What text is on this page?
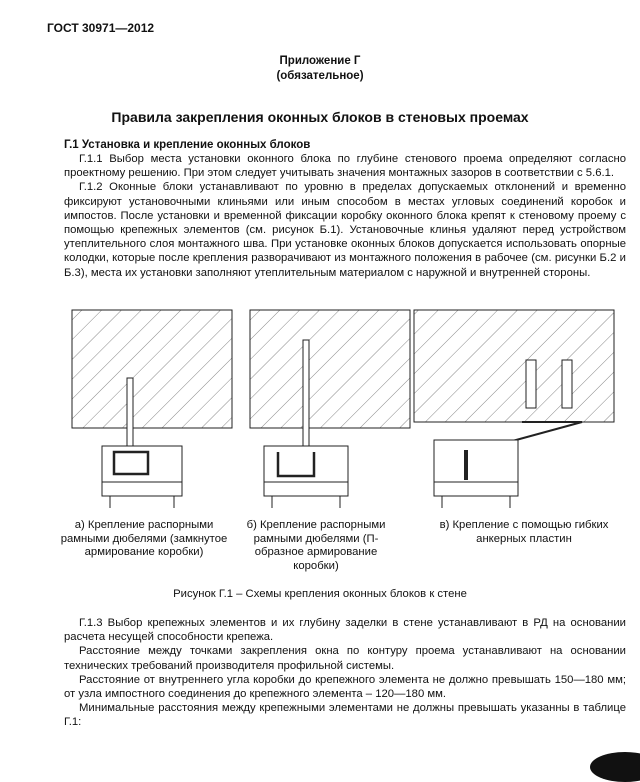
ГОСТ 30971—2012
Приложение Г
(обязательное)
Правила закрепления оконных блоков в стеновых проемах
Г.1 Установка и крепление оконных блоков

Г.1.1 Выбор места установки оконного блока по глубине стенового проема определяют согласно проектному решению. При этом следует учитывать значения монтажных зазоров в соответствии с 5.6.1.

Г.1.2 Оконные блоки устанавливают по уровню в пределах допускаемых отклонений и временно фиксируют установочными клиньями или иным способом в местах угловых соединений коробок и импостов. После установки и временной фиксации коробку оконного блока крепят к стеновому проему с помощью крепежных элементов (см. рисунок Б.1). Установочные клинья удаляют перед устройством утеплительного слоя монтажного шва. При установке оконных блоков допускается использовать опорные колодки, которые после крепления разворачивают из монтажного положения в рабочее (см. рисунки Б.2 и Б.3), места их установки заполняют утеплительным материалом с наружной и внутренней стороны.

а) Крепление распорными рамными дюбелями (замкнутое армирование коробки)
б) Крепление распорными рамными дюбелями (П-образное армирование коробки)
в) Крепление с помощью гибких анкерных пластин
Рисунок Г.1 – Схемы крепления оконных блоков к стене

Г.1.3 Выбор крепежных элементов и их глубину заделки в стене устанавливают в РД на основании расчета несущей способности крепежа.

Расстояние между точками закрепления окна по контуру проема устанавливают на основании технических требований производителя профильной системы.

Расстояние от внутреннего угла коробки до крепежного элемента не должно превышать 150—180 мм; от узла импостного соединения до крепежного элемента – 120—180 мм.

Минимальные расстояния между крепежными элементами не должны превышать указанны в таблице Г.1:
